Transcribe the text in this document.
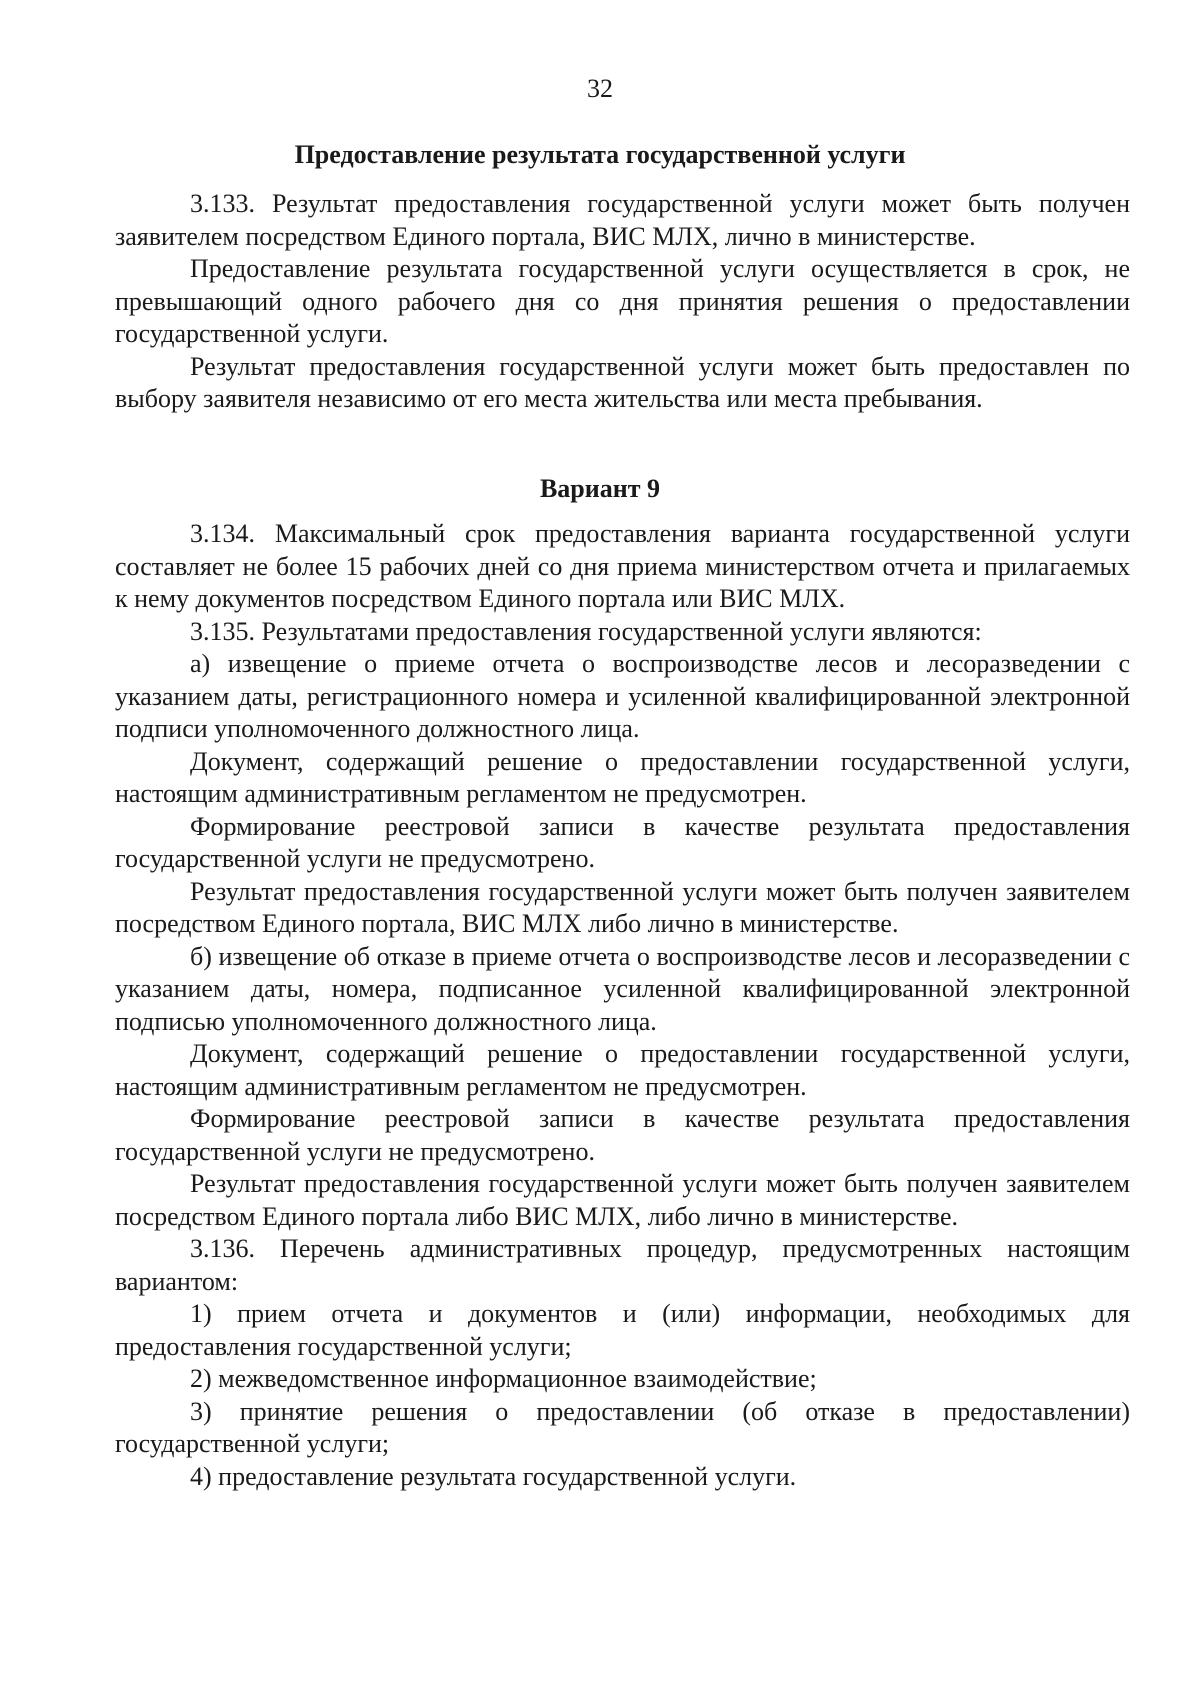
32
Предоставление результата государственной услуги

3.133. Результат предоставления государственной услуги может быть получен заявителем посредством Единого портала, ВИС МЛХ, лично в министерстве.

Предоставление результата государственной услуги осуществляется в срок, не превышающий одного рабочего дня со дня принятия решения о предоставлении государственной услуги.

Результат предоставления государственной услуги может быть предоставлен по выбору заявителя независимо от его места жительства или места пребывания.

Вариант 9

3.134. Максимальный срок предоставления варианта государственной услуги составляет не более 15 рабочих дней со дня приема министерством отчета и прилагаемых к нему документов посредством Единого портала или ВИС МЛХ.

3.135. Результатами предоставления государственной услуги являются:

а) извещение о приеме отчета о воспроизводстве лесов и лесоразведении с указанием даты, регистрационного номера и усиленной квалифицированной электронной подписи уполномоченного должностного лица.

Документ, содержащий решение о предоставлении государственной услуги, настоящим административным регламентом не предусмотрен.

Формирование реестровой записи в качестве результата предоставления государственной услуги не предусмотрено.

Результат предоставления государственной услуги может быть получен заявителем посредством Единого портала, ВИС МЛХ либо лично в министерстве.

б) извещение об отказе в приеме отчета о воспроизводстве лесов и лесоразведении с указанием даты, номера, подписанное усиленной квалифицированной электронной подписью уполномоченного должностного лица.

Документ, содержащий решение о предоставлении государственной услуги, настоящим административным регламентом не предусмотрен.

Формирование реестровой записи в качестве результата предоставления государственной услуги не предусмотрено.

Результат предоставления государственной услуги может быть получен заявителем посредством Единого портала либо ВИС МЛХ, либо лично в министерстве.

3.136. Перечень административных процедур, предусмотренных настоящим вариантом:

1) прием отчета и документов и (или) информации, необходимых для предоставления государственной услуги;

2) межведомственное информационное взаимодействие;

3) принятие решения о предоставлении (об отказе в предоставлении) государственной услуги;

4) предоставление результата государственной услуги.
